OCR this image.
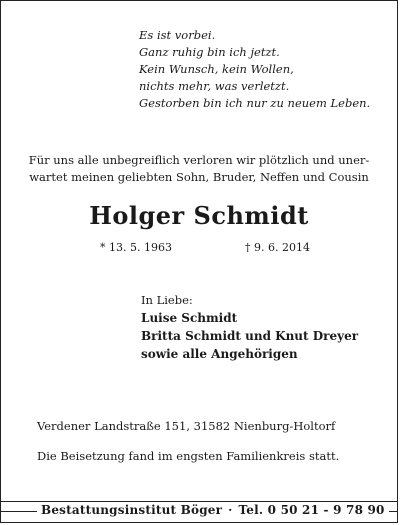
Es ist vorbei.
Ganz ruhig bin ich jetzt.
Kein Wunsch, kein Wollen,
nichts mehr, was verletzt.
Gestorben bin ich nur zu neuem Leben.
Für uns alle unbegreiflich verloren wir plötzlich und uner-
wartet meinen geliebten Sohn, Bruder, Neffen und Cousin
Holger Schmidt
* 13. 5. 1963	† 9. 6. 2014
In Liebe:
Luise Schmidt
Britta Schmidt und Knut Dreyer
sowie alle Angehörigen
Verdener Landstraße 151, 31582 Nienburg-Holtorf
Die Beisetzung fand im engsten Familienkreis statt.
Bestattungsinstitut Böger · Tel. 0 50 21 - 9 78 90
